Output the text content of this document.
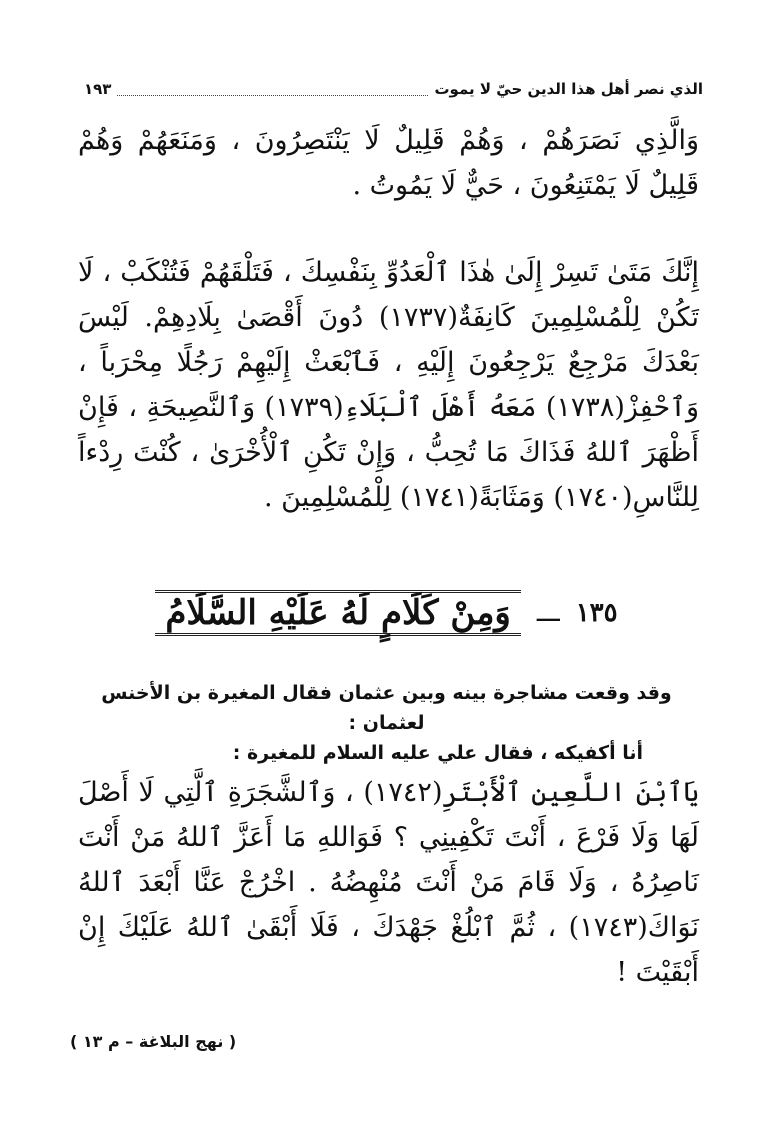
الذي نصر أهل هذا الدين حيّ لا يموت
١٩٣
وَالَّذِي نَصَرَهُمْ ، وَهُمْ قَلِيلٌ لَا يَنْتَصِرُونَ ، وَمَنَعَهُمْ وَهُمْ قَلِيلٌ لَا يَمْتَنِعُونَ ، حَيٌّ لَا يَمُوتُ .
إِنَّكَ مَتَىٰ تَسِرْ إِلَىٰ هٰذَا ٱلْعَدُوِّ بِنَفْسِكَ ، فَتَلْقَهُمْ فَتُنْكَبْ ، لَا تَكُنْ لِلْمُسْلِمِينَ كَانِفَةٌ(١٧٣٧) دُونَ أَقْصَىٰ بِلَادِهِمْ. لَيْسَ بَعْدَكَ مَرْجِعٌ يَرْجِعُونَ إِلَيْهِ ، فَٱبْعَثْ إِلَيْهِمْ رَجُلًا مِحْرَباً ، وَٱحْفِزْ(١٧٣٨) مَعَهُ أَهْلَ ٱلْبَلَاءِ(١٧٣٩) وَٱلنَّصِيحَةِ ، فَإِنْ أَظْهَرَ ٱللهُ فَذَاكَ مَا تُحِبُّ ، وَإِنْ تَكُنِ ٱلْأُخْرَىٰ ، كُنْتَ رِدْءاً لِلنَّاسِ(١٧٤٠) وَمَثَابَةً(١٧٤١) لِلْمُسْلِمِينَ .
١٣٥
ـــ
وَمِنْ كَلَامٍ لَهُ عَلَيْهِ السَّلَامُ
وقد وقعت مشاجرة بينه وبين عثمان فقال المغيرة بن الأخنس لعثمان :

أنا أكفيكه ، فقال علي عليه السلام للمغيرة :
يَاٱبْنَ اللَّعِينِ ٱلْأَبْتَرِ(١٧٤٢) ، وَٱلشَّجَرَةِ ٱلَّتِي لَا أَصْلَ لَهَا وَلَا فَرْعَ ، أَنْتَ تَكْفِينِي ؟ فَوَاللهِ مَا أَعَزَّ ٱللهُ مَنْ أَنْتَ نَاصِرُهُ ، وَلَا قَامَ مَنْ أَنْتَ مُنْهِضُهُ . اخْرُجْ عَنَّا أَبْعَدَ ٱللهُ نَوَاكَ(١٧٤٣) ، ثُمَّ ٱبْلُغْ جَهْدَكَ ، فَلَا أَبْقَىٰ ٱللهُ عَلَيْكَ إِنْ أَبْقَيْتَ !
( نهج البلاغة – م ١٣ )
